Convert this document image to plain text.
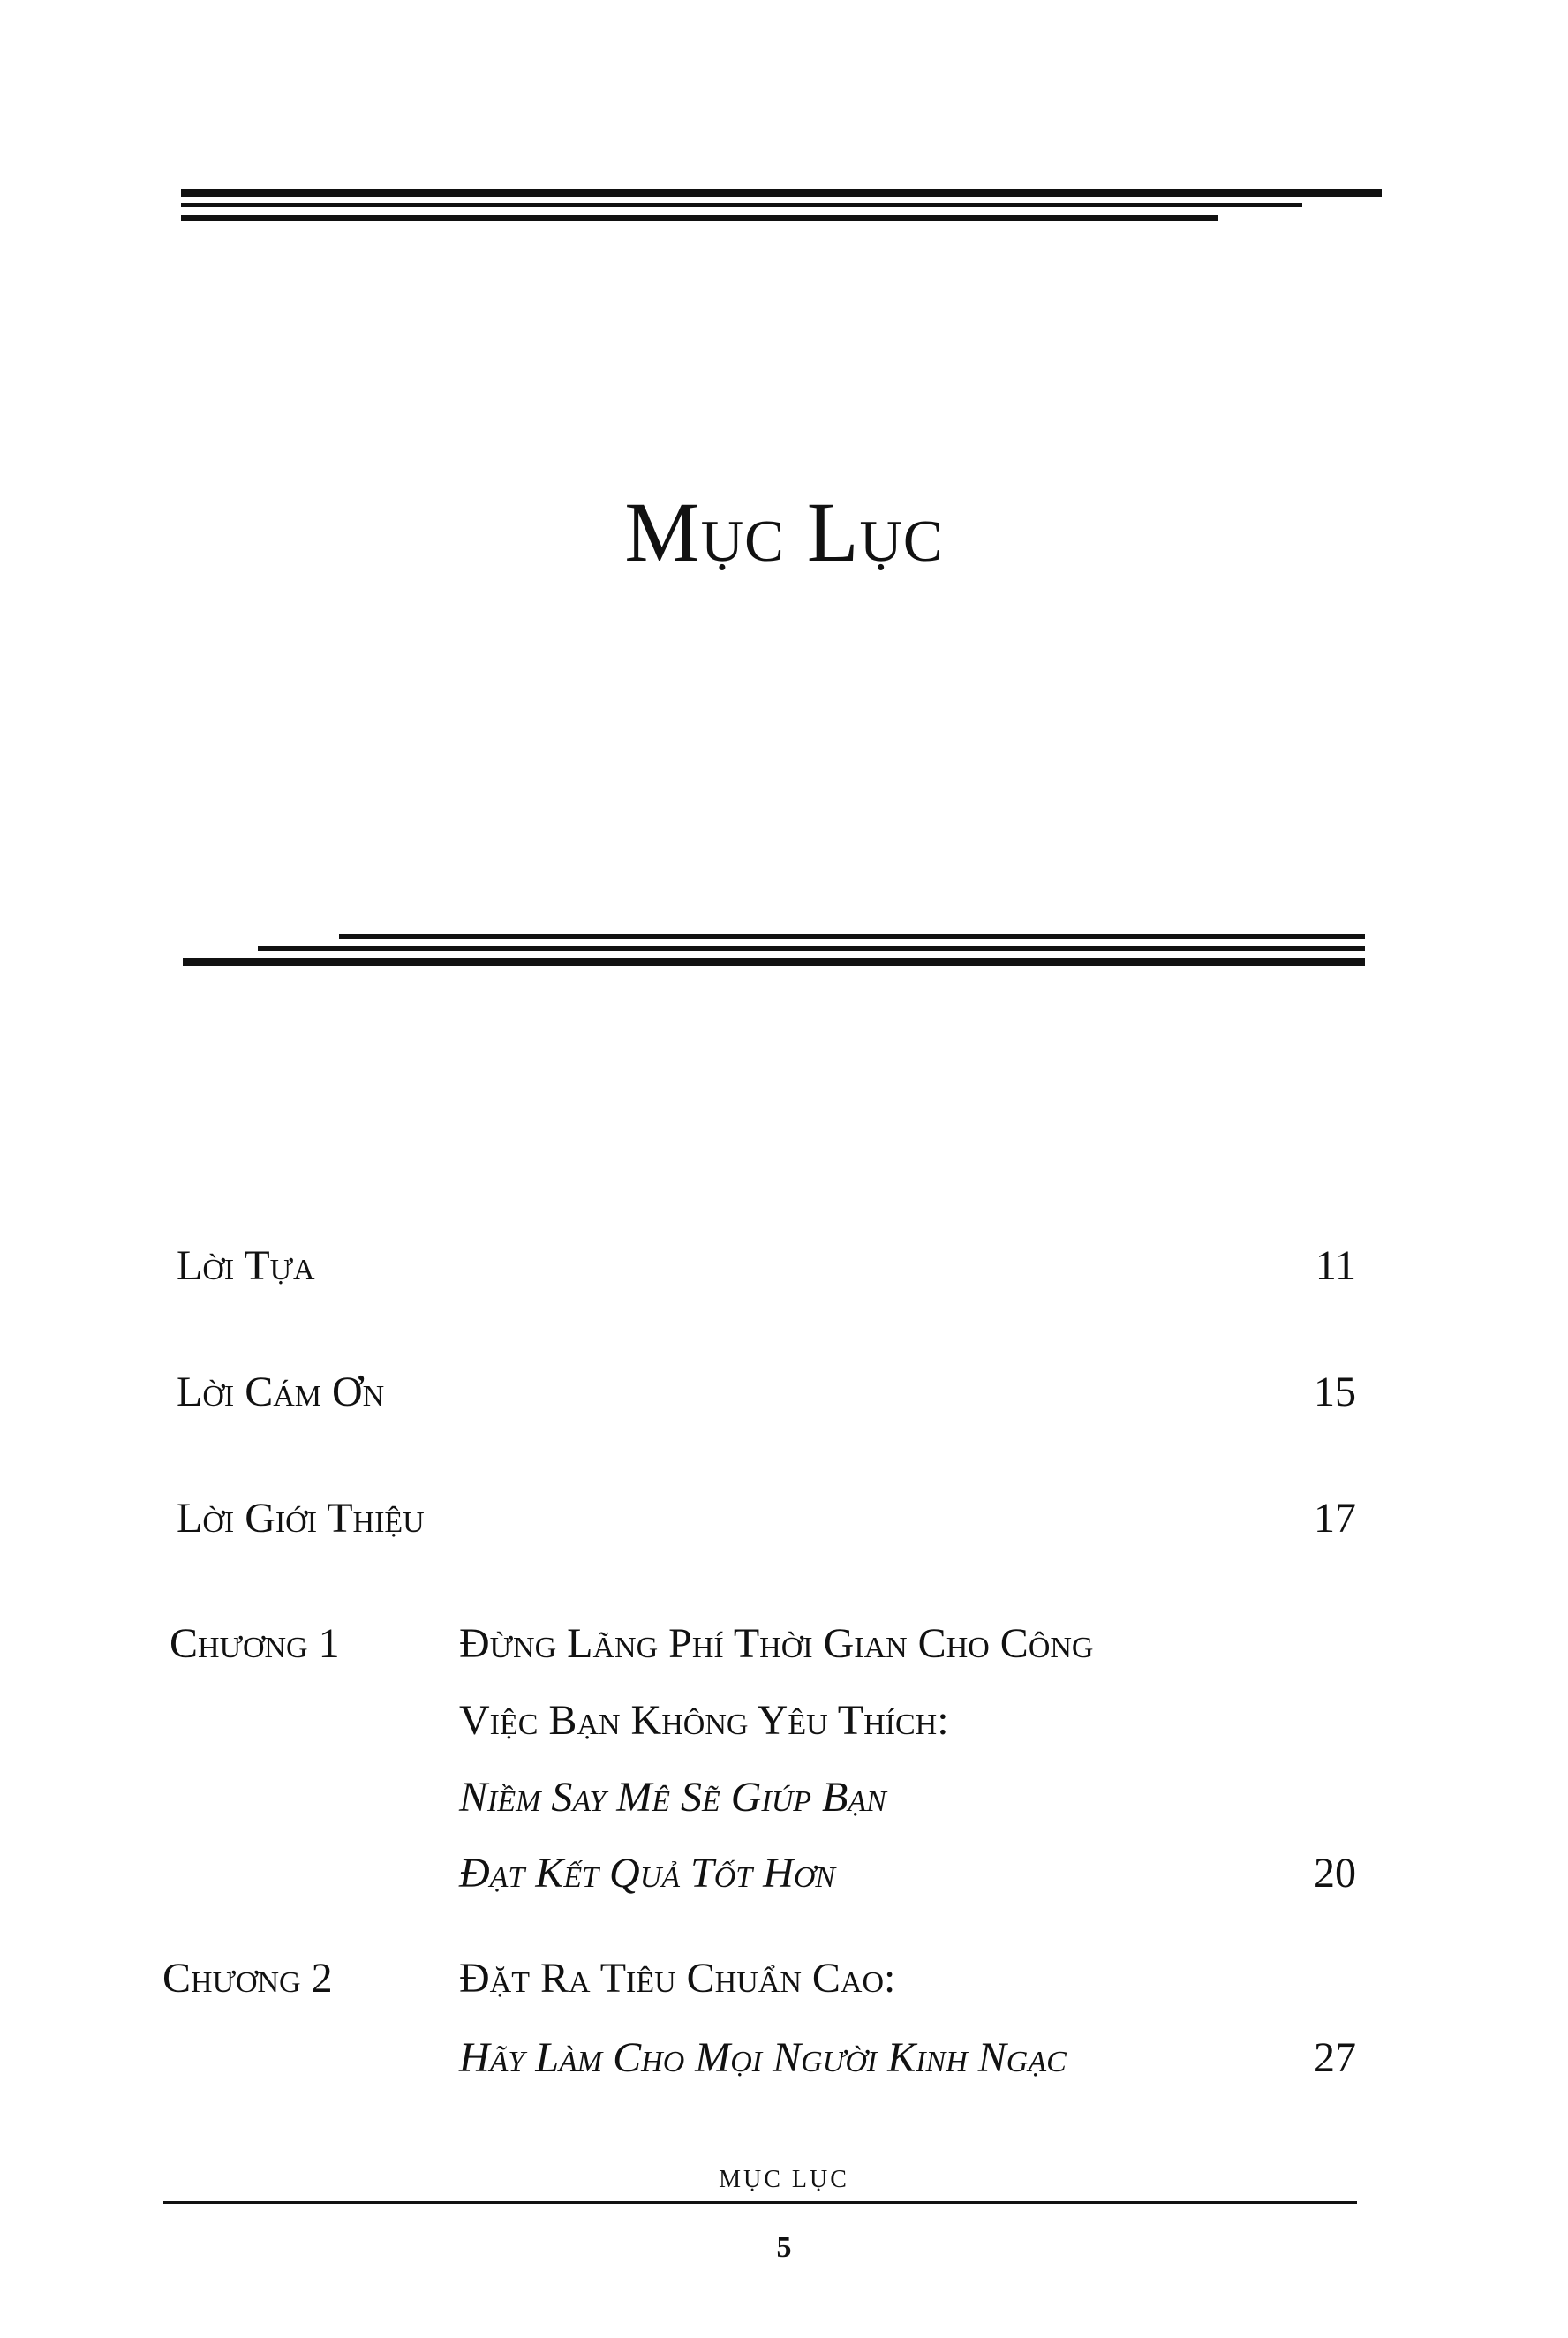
Mục Lục
Lời Tựa	11
Lời Cám Ơn	15
Lời Giới Thiệu	17
Chương 1	Đừng Lãng Phí Thời Gian Cho Công
Việc Bạn Không Yêu Thích:
Niềm Say Mê Sẽ Giúp Bạn
Đạt Kết Quả Tốt Hơn	20
Chương 2	Đặt Ra Tiêu Chuẩn Cao:
Hãy Làm Cho Mọi Người Kinh Ngạc	27
MỤC LỤC
5
